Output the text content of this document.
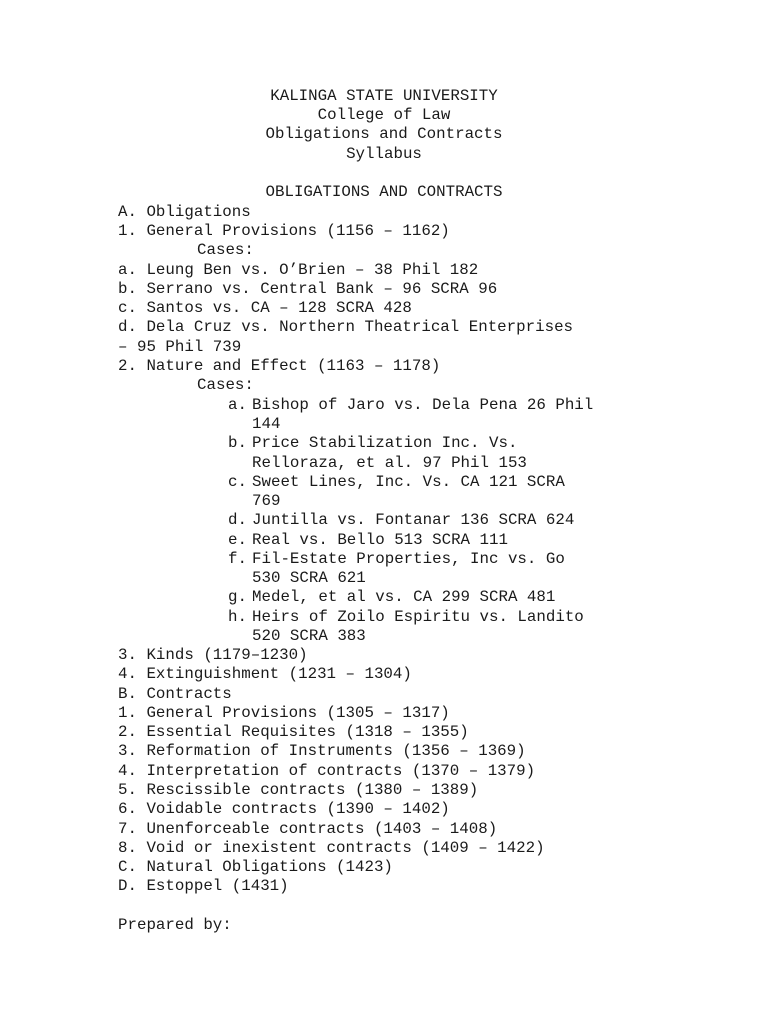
KALINGA STATE UNIVERSITY
College of Law
Obligations and Contracts
Syllabus
OBLIGATIONS AND CONTRACTS
A. Obligations
1. General Provisions (1156 – 1162)
Cases:
a. Leung Ben vs. O’Brien – 38 Phil 182
b. Serrano vs. Central Bank – 96 SCRA 96
c. Santos vs. CA – 128 SCRA 428
d. Dela Cruz vs. Northern Theatrical Enterprises
– 95 Phil 739
2. Nature and Effect (1163 – 1178)
Cases:
a. Bishop of Jaro vs. Dela Pena 26 Phil
144
b. Price Stabilization Inc. Vs.
Relloraza, et al. 97 Phil 153
c. Sweet Lines, Inc. Vs. CA 121 SCRA
769
d. Juntilla vs. Fontanar 136 SCRA 624
e. Real vs. Bello 513 SCRA 111
f. Fil-Estate Properties, Inc vs. Go
530 SCRA 621
g. Medel, et al vs. CA 299 SCRA 481
h. Heirs of Zoilo Espiritu vs. Landito
520 SCRA 383
3. Kinds (1179–1230)
4. Extinguishment (1231 – 1304)
B. Contracts
1. General Provisions (1305 – 1317)
2. Essential Requisites (1318 – 1355)
3. Reformation of Instruments (1356 – 1369)
4. Interpretation of contracts (1370 – 1379)
5. Rescissible contracts (1380 – 1389)
6. Voidable contracts (1390 – 1402)
7. Unenforceable contracts (1403 – 1408)
8. Void or inexistent contracts (1409 – 1422)
C. Natural Obligations (1423)
D. Estoppel (1431)
Prepared by:
